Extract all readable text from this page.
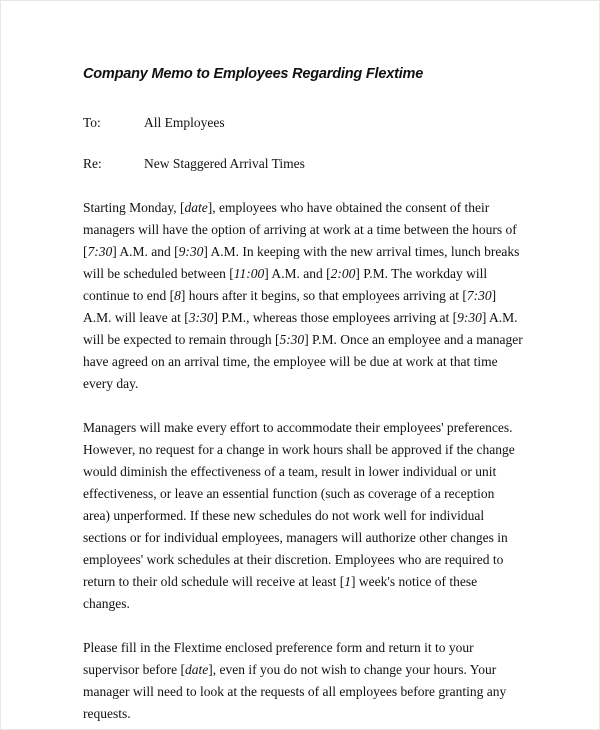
Company Memo to Employees Regarding Flextime
To:	All Employees
Re:	New Staggered Arrival Times

Starting Monday, [date], employees who have obtained the consent of their managers will have the option of arriving at work at a time between the hours of [7:30] A.M. and [9:30] A.M. In keeping with the new arrival times, lunch breaks will be scheduled between [11:00] A.M. and [2:00] P.M. The workday will continue to end [8] hours after it begins, so that employees arriving at [7:30] A.M. will leave at [3:30] P.M., whereas those employees arriving at [9:30] A.M. will be expected to remain through [5:30] P.M. Once an employee and a manager have agreed on an arrival time, the employee will be due at work at that time every day.

Managers will make every effort to accommodate their employees' preferences. However, no request for a change in work hours shall be approved if the change would diminish the effectiveness of a team, result in lower individual or unit effectiveness, or leave an essential function (such as coverage of a reception area) unperformed. If these new schedules do not work well for individual sections or for individual employees, managers will authorize other changes in employees' work schedules at their discretion. Employees who are required to return to their old schedule will receive at least [1] week's notice of these changes.

Please fill in the Flextime enclosed preference form and return it to your supervisor before [date], even if you do not wish to change your hours. Your manager will need to look at the requests of all employees before granting any requests.
